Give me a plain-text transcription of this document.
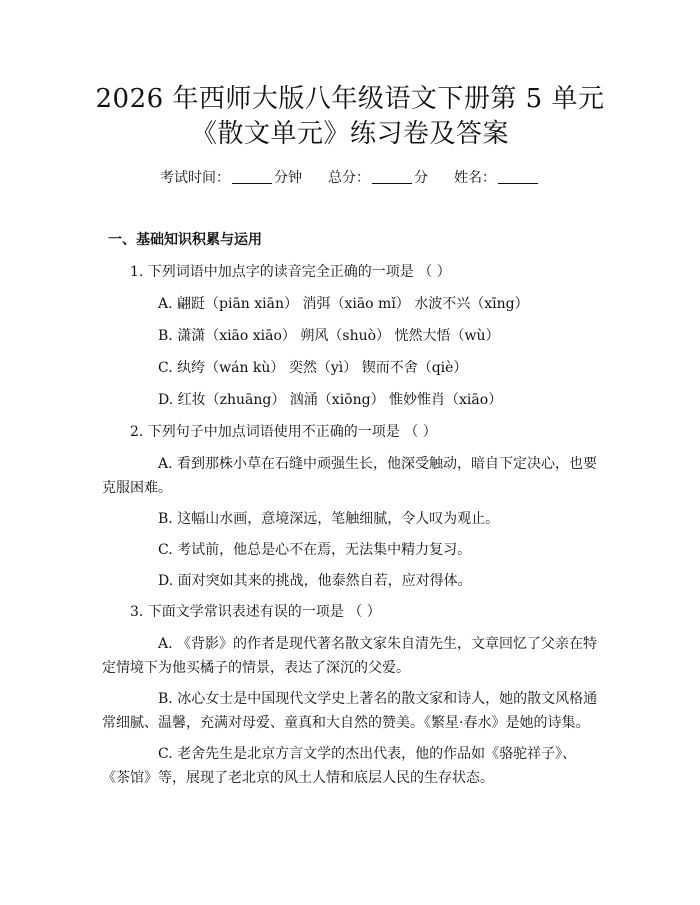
2026 年西师大版八年级语文下册第 5 单元
《散文单元》练习卷及答案
考试时间：	分钟 总分：	分 姓名：
一、基础知识积累与运用
1. 下列词语中加点字的读音完全正确的一项是 （ ）
A. 翩跹（piān xiān） 消弭（xiāo mǐ） 水波不兴（xīng）
B. 潇潇（xiāo xiāo） 朔风（shuò） 恍然大悟（wù）
C. 纨绔（wán kù） 奕然（yì） 锲而不舍（qiè）
D. 红妆（zhuāng） 汹涌（xiōng） 惟妙惟肖（xiāo）
2. 下列句子中加点词语使用不正确的一项是 （ ）
A. 看到那株小草在石缝中顽强生长，他深受触动，暗自下定决心，也要
克服困难。
B. 这幅山水画，意境深远，笔触细腻，令人叹为观止。
C. 考试前，他总是心不在焉，无法集中精力复习。
D. 面对突如其来的挑战，他泰然自若，应对得体。
3. 下面文学常识表述有误的一项是 （ ）
A. 《背影》的作者是现代著名散文家朱自清先生，文章回忆了父亲在特
定情境下为他买橘子的情景，表达了深沉的父爱。
B. 冰心女士是中国现代文学史上著名的散文家和诗人，她的散文风格通
常细腻、温馨，充满对母爱、童真和大自然的赞美。《繁星·春水》是她的诗集。
C. 老舍先生是北京方言文学的杰出代表，他的作品如《骆驼祥子》、
《茶馆》等，展现了老北京的风土人情和底层人民的生存状态。
